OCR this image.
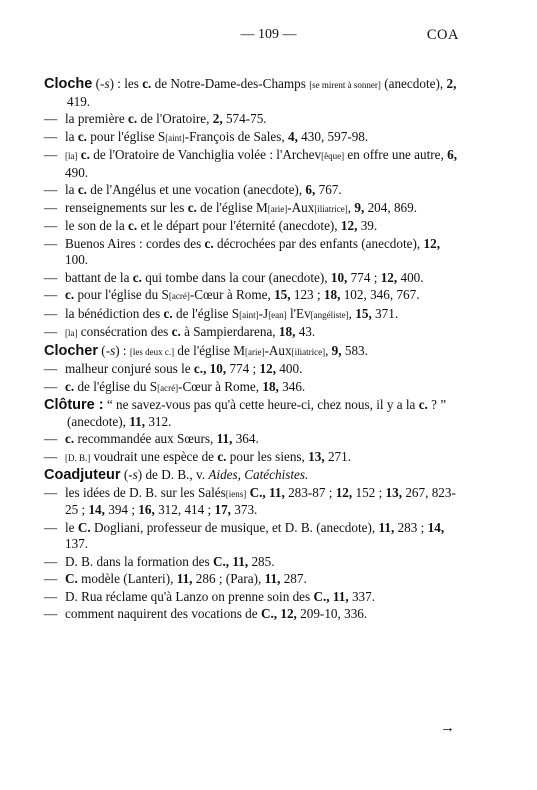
— 109 —	COA
Cloche (-s) : les c. de Notre-Dame-des-Champs [se mirent à sonner] (anecdote), 2, 419.
— la première c. de l'Oratoire, 2, 574-75.
— la c. pour l'église S[aint]-François de Sales, 4, 430, 597-98.
— [la] c. de l'Oratoire de Vanchiglia volée : l'Archev[êque] en offre une autre, 6, 490.
— la c. de l'Angélus et une vocation (anecdote), 6, 767.
— renseignements sur les c. de l'église M[arie]-Aux[iliatrice], 9, 204, 869.
— le son de la c. et le départ pour l'éternité (anecdote), 12, 39.
— Buenos Aires : cordes des c. décrochées par des enfants (anecdote), 12, 100.
— battant de la c. qui tombe dans la cour (anecdote), 10, 774 ; 12, 400.
— c. pour l'église du S[acré]-Cœur à Rome, 15, 123 ; 18, 102, 346, 767.
— la bénédiction des c. de l'église S[aint]-J[ean] l'Ev[angéliste], 15, 371.
— [la] consécration des c. à Sampierdarena, 18, 43.
Clocher (-s) : [les deux c.] de l'église M[arie]-Aux[iliatrice], 9, 583.
— malheur conjuré sous le c., 10, 774 ; 12, 400.
— c. de l'église du S[acré]-Cœur à Rome, 18, 346.
Clôture : “ ne savez-vous pas qu'à cette heure-ci, chez nous, il y a la c. ? ” (anecdote), 11, 312.
— c. recommandée aux Sœurs, 11, 364.
— [D. B.] voudrait une espèce de c. pour les siens, 13, 271.
Coadjuteur (-s) de D. B., v. Aides, Catéchistes.
— les idées de D. B. sur les Salés[iens] C., 11, 283-87 ; 12, 152 ; 13, 267, 823-25 ; 14, 394 ; 16, 312, 414 ; 17, 373.
— le C. Dogliani, professeur de musique, et D. B. (anecdote), 11, 283 ; 14, 137.
— D. B. dans la formation des C., 11, 285.
— C. modèle (Lanteri), 11, 286 ; (Para), 11, 287.
— D. Rua réclame qu'à Lanzo on prenne soin des C., 11, 337.
— comment naquirent des vocations de C., 12, 209-10, 336.
→
